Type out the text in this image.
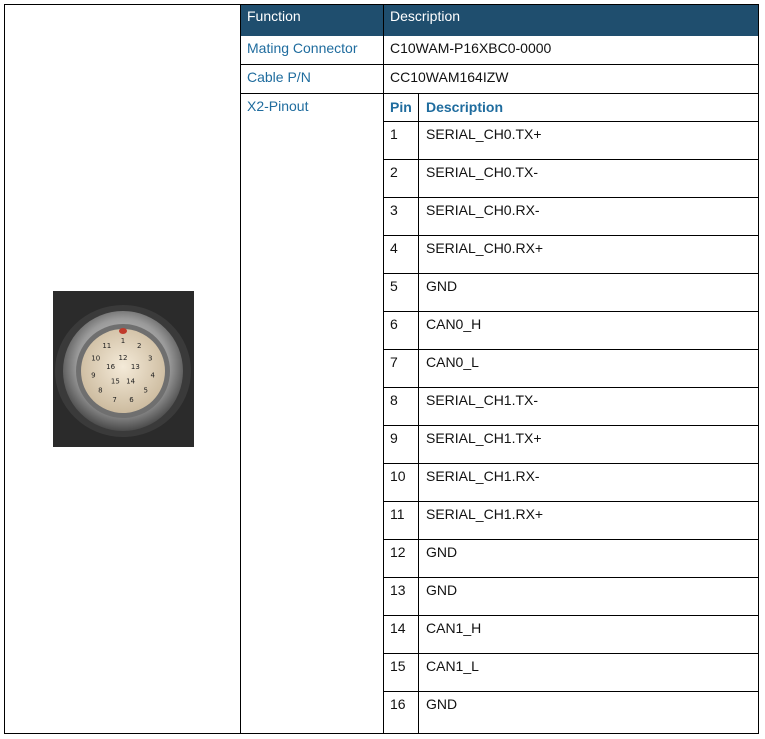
1
2
3
4
5
6
7
8
9
10
11
12
13
14
15
16
Function	Description
Mating Connector	C10WAM-P16XBC0-0000
Cable P/N	CC10WAM164IZW
X2-Pinout	Pin Description
1 SERIAL_CH0.TX+
2 SERIAL_CH0.TX-
3 SERIAL_CH0.RX-
4 SERIAL_CH0.RX+
5 GND
6 CAN0_H
7 CAN0_L
8 SERIAL_CH1.TX-
9 SERIAL_CH1.TX+
10 SERIAL_CH1.RX-
11 SERIAL_CH1.RX+
12 GND
13 GND
14 CAN1_H
15 CAN1_L
16 GND
